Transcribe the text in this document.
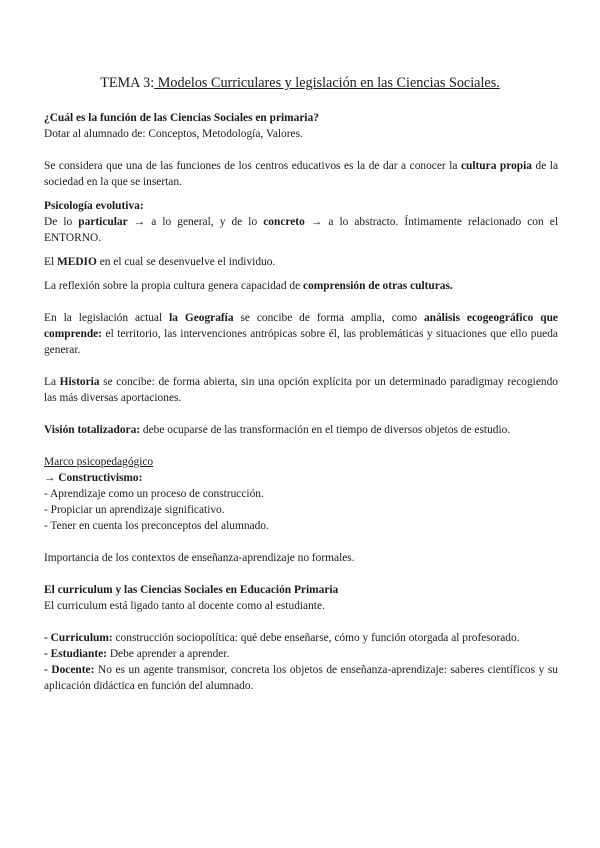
TEMA 3: Modelos Curriculares y legislación en las Ciencias Sociales.

¿Cuál es la función de las Ciencias Sociales en primaria?

Dotar al alumnado de: Conceptos, Metodología, Valores.

Se considera que una de las funciones de los centros educativos es la de dar a conocer la cultura propia de la sociedad en la que se insertan.

Psicología evolutiva:

De lo particular → a lo general, y de lo concreto → a lo abstracto. Íntimamente relacionado con el ENTORNO.

El MEDIO en el cual se desenvuelve el individuo.

La reflexión sobre la propia cultura genera capacidad de comprensión de otras culturas.

En la legislación actual la Geografía se concibe de forma amplia, como análisis ecogeográfico que comprende: el territorio, las intervenciones antrópicas sobre él, las problemáticas y situaciones que ello pueda generar.

La Historia se concibe: de forma abierta, sin una opción explícita por un determinado paradigmay recogiendo las más diversas aportaciones.

Visión totalizadora: debe ocuparse de las transformación en el tiempo de diversos objetos de estudio.

Marco psicopedagógico

→ Constructivismo:

- Aprendizaje como un proceso de construcción.

- Propiciar un aprendizaje significativo.

- Tener en cuenta los preconceptos del alumnado.

Importancia de los contextos de enseñanza-aprendizaje no formales.

El curriculum y las Ciencias Sociales en Educación Primaria

El curriculum está ligado tanto al docente como al estudiante.

- Curriculum: construcción sociopolítica: qué debe enseñarse, cómo y función otorgada al profesorado.

- Estudiante: Debe aprender a aprender.

- Docente: No es un agente transmisor, concreta los objetos de enseñanza-aprendizaje: saberes científicos y su aplicación didáctica en función del alumnado.
